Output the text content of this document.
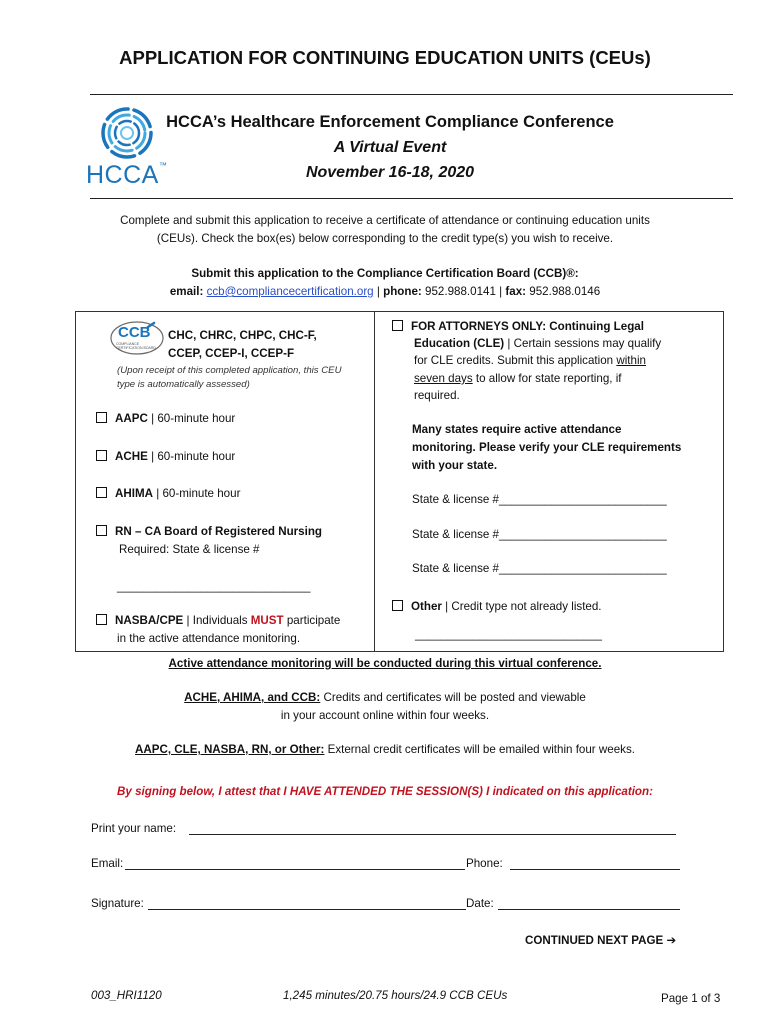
APPLICATION FOR CONTINUING EDUCATION UNITS (CEUs)
HCCA™
HCCA’s Healthcare Enforcement Compliance Conference
A Virtual Event
November 16-18, 2020
Complete and submit this application to receive a certificate of attendance or continuing education units
(CEUs). Check the box(es) below corresponding to the credit type(s) you wish to receive.
Submit this application to the Compliance Certification Board (CCB)®:
email: ccb@compliancecertification.org | phone: 952.988.0141 | fax: 952.988.0146
CCB
COMPLIANCE CERTIFICATION BOARD
CHC, CHRC, CHPC, CHC-F,
CCEP, CCEP-I, CCEP-F
(Upon receipt of this completed application, this CEU
type is automatically assessed)
AAPC | 60-minute hour
ACHE | 60-minute hour
AHIMA | 60-minute hour
RN – CA Board of Registered Nursing
Required: State & license #
______________________________
NASBA/CPE | Individuals MUST participate
in the active attendance monitoring.
FOR ATTORNEYS ONLY: Continuing Legal
Education (CLE) | Certain sessions may qualify
for CLE credits. Submit this application within
seven days to allow for state reporting, if
required.
Many states require active attendance
monitoring. Please verify your CLE requirements
with your state.
State & license #__________________________
State & license #__________________________
State & license #__________________________
Other | Credit type not already listed.
_____________________________
Active attendance monitoring will be conducted during this virtual conference.
ACHE, AHIMA, and CCB: Credits and certificates will be posted and viewable
in your account online within four weeks.
AAPC, CLE, NASBA, RN, or Other: External credit certificates will be emailed within four weeks.
By signing below, I attest that I HAVE ATTENDED THE SESSION(S) I indicated on this application:
Print your name:
Email:	Phone:
Signature:	Date:
CONTINUED NEXT PAGE ➔
003_HRI1120	1,245 minutes/20.75 hours/24.9 CCB CEUs	Page 1 of 3
